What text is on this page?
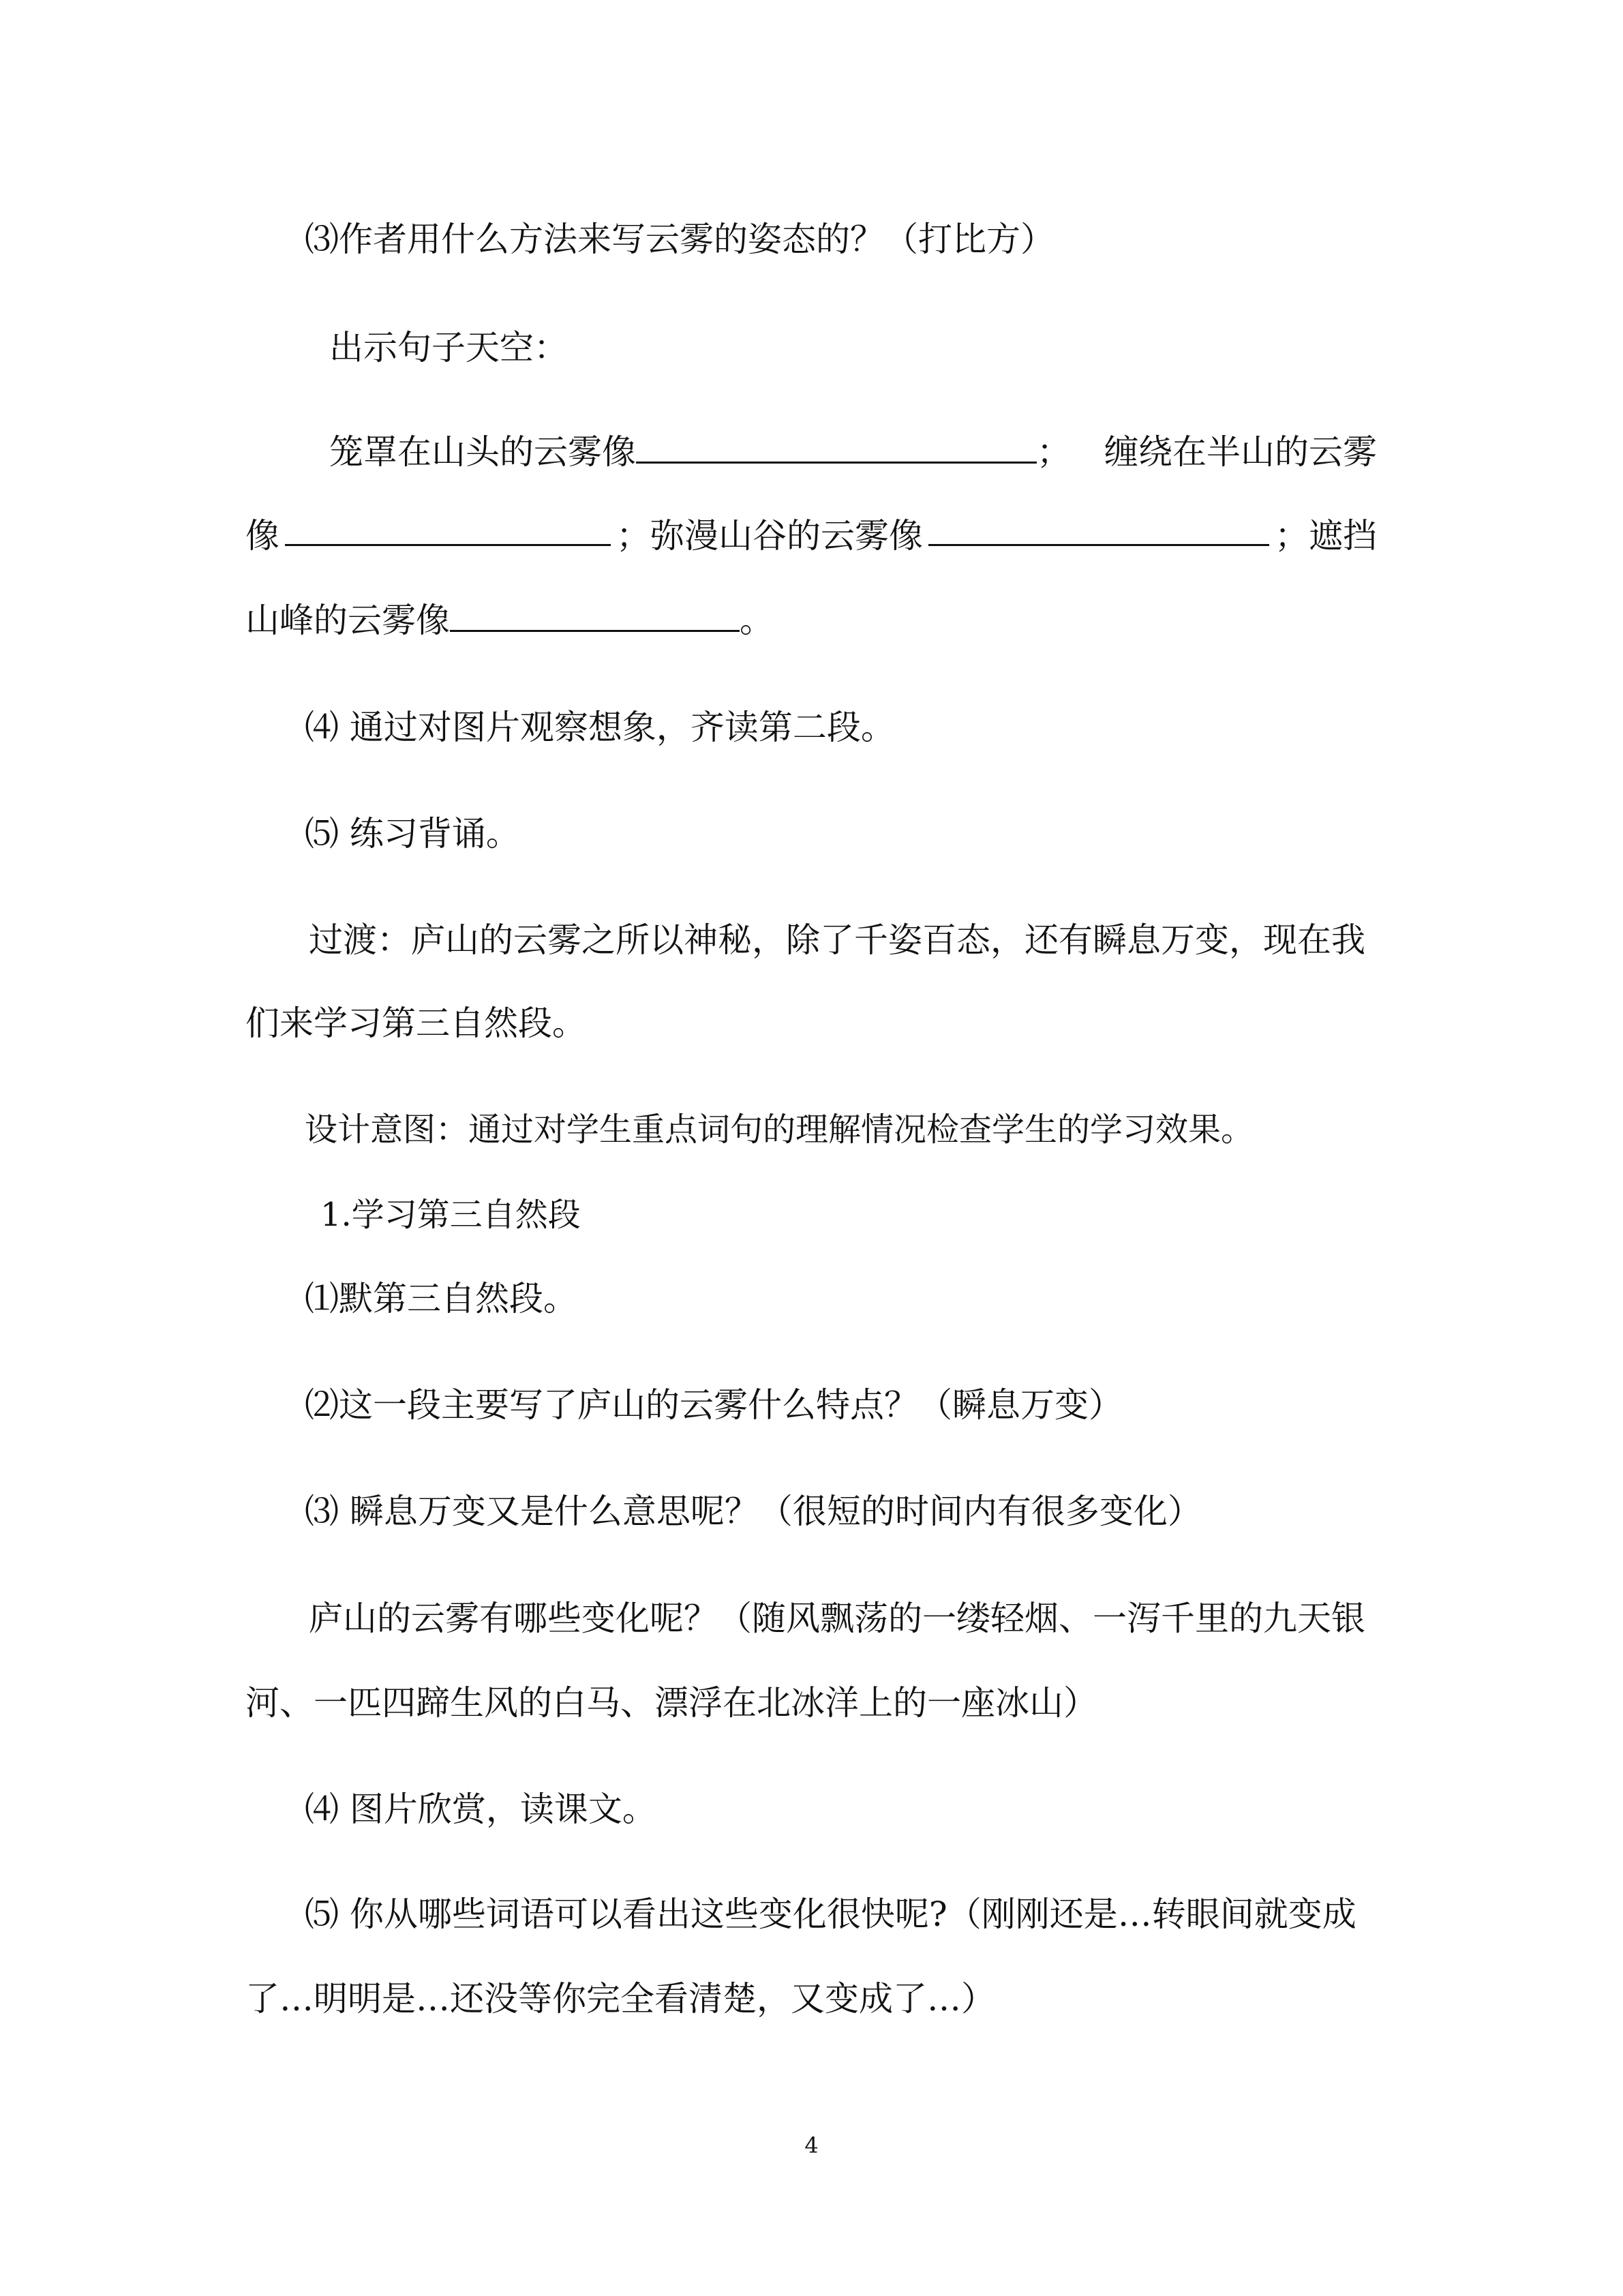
⑶作者用什么方法来写云雾的姿态的？（打比方）
出示句子天空：
笼罩在山头的云雾像	； 缠绕在半山的云雾
像	；弥漫山谷的云雾像	；遮挡
山峰的云雾像	。
⑷ 通过对图片观察想象，齐读第二段。
⑸ 练习背诵。
过渡：庐山的云雾之所以神秘，除了千姿百态，还有瞬息万变，现在我
们来学习第三自然段。
设计意图：通过对学生重点词句的理解情况检查学生的学习效果。
1.学习第三自然段
⑴默第三自然段。
⑵这一段主要写了庐山的云雾什么特点？（瞬息万变）
⑶ 瞬息万变又是什么意思呢？（很短的时间内有很多变化）
庐山的云雾有哪些变化呢？（随风飘荡的一缕轻烟、一泻千里的九天银
河、一匹四蹄生风的白马、漂浮在北冰洋上的一座冰山）
⑷ 图片欣赏，读课文。
⑸ 你从哪些词语可以看出这些变化很快呢?（刚刚还是…转眼间就变成
了…明明是…还没等你完全看清楚，又变成了…）
4
